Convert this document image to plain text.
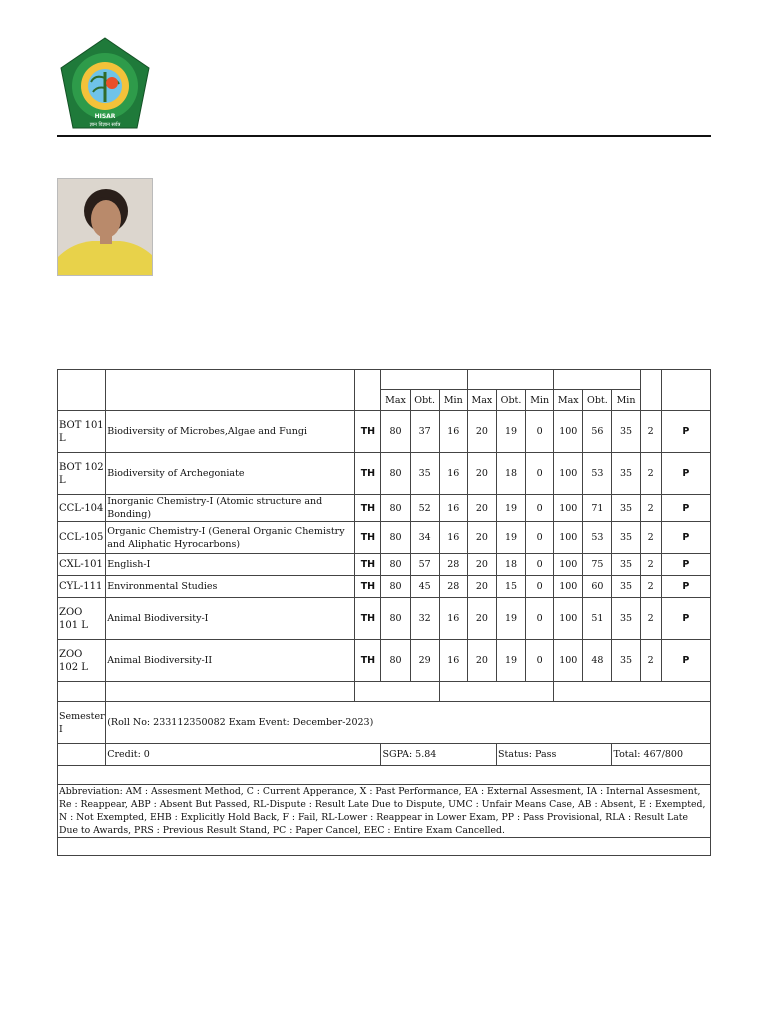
HISAR
ज्ञान विज्ञान सर्वत्र

			Max	Obt.	Min	Max	Obt.	Min	Max	Obt.	Min		
BOT 101 L	Biodiversity of Microbes,Algae and Fungi	TH	80	37	16	20	19	0	100	56	35	2	P
BOT 102 L	Biodiversity of Archegoniate	TH	80	35	16	20	18	0	100	53	35	2	P
CCL-104	Inorganic Chemistry-I (Atomic structure and Bonding)	TH	80	52	16	20	19	0	100	71	35	2	P
CCL-105	Organic Chemistry-I (General Organic Chemistry and Aliphatic Hyrocarbons)	TH	80	34	16	20	19	0	100	53	35	2	P
CXL-101	English-I	TH	80	57	28	20	18	0	100	75	35	2	P
CYL-111	Environmental Studies	TH	80	45	28	20	15	0	100	60	35	2	P
ZOO 101 L	Animal Biodiversity-I	TH	80	32	16	20	19	0	100	51	35	2	P
ZOO 102 L	Animal Biodiversity-II	TH	80	29	16	20	19	0	100	48	35	2	P

Semester I	(Roll No: 233112350082 Exam Event: December-2023)												
	Credit: 0		SGPA: 5.84				Status: Pass				Total: 467/800		

Abbreviation: AM : Assesment Method, C : Current Apperance, X : Past Performance, EA : External Assesment, IA : Internal Assesment, Re : Reappear, ABP : Absent But Passed, RL-Dispute : Result Late Due to Dispute, UMC : Unfair Means Case, AB : Absent, E : Exempted, N : Not Exempted, EHB : Explicitly Hold Back, F : Fail, RL-Lower : Reappear in Lower Exam, PP : Pass Provisional, RLA : Result Late Due to Awards, PRS : Previous Result Stand, PC : Paper Cancel, EEC : Entire Exam Cancelled.													
